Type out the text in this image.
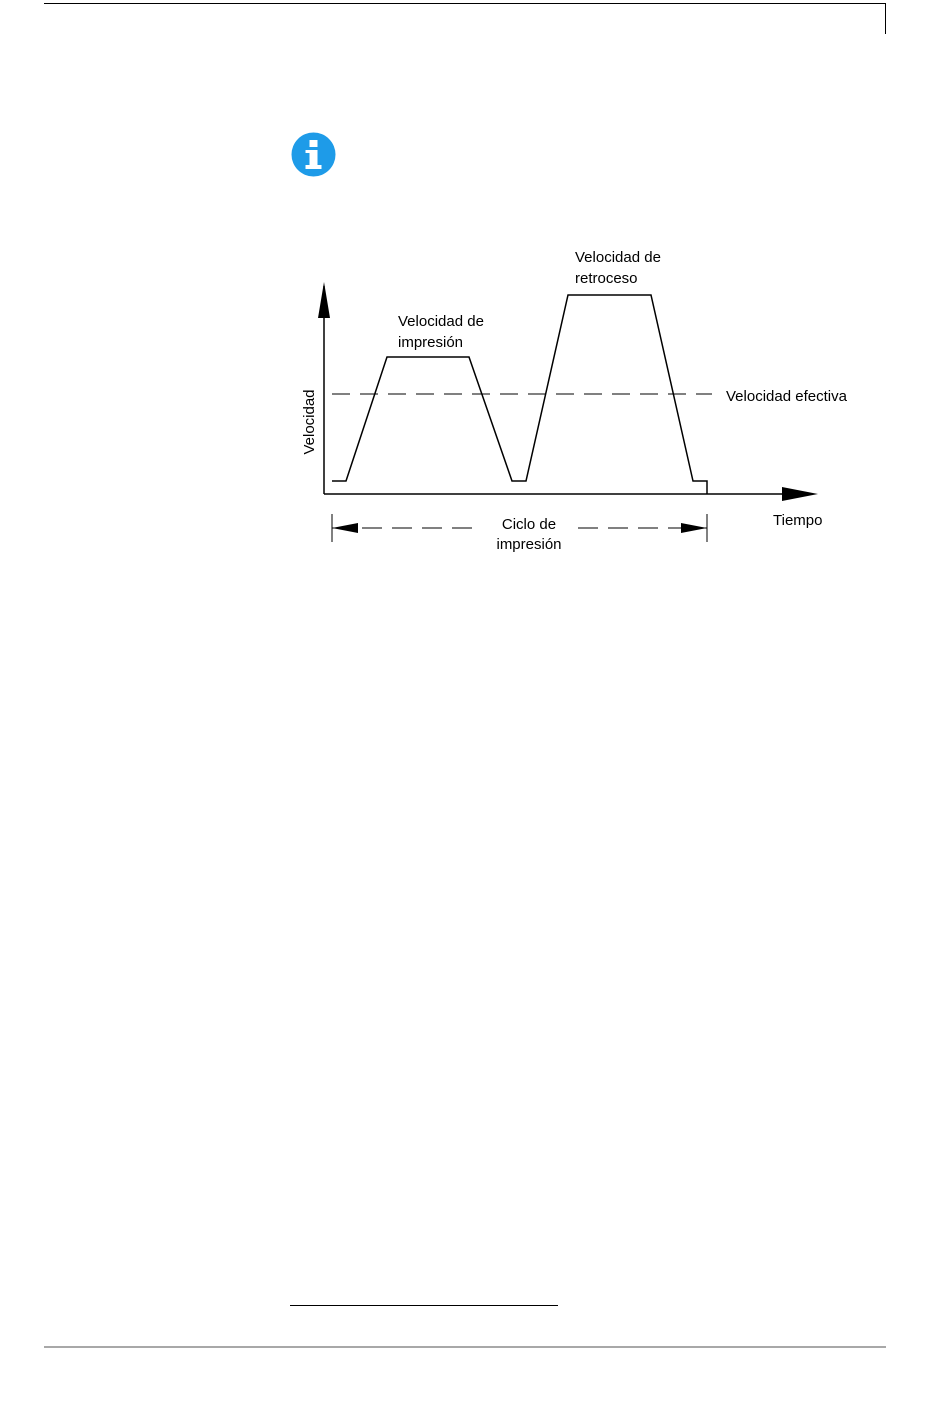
Velocidad
Tiempo
Velocidad de
impresión
Velocidad de
retroceso
Velocidad efectiva
Ciclo de
impresión
